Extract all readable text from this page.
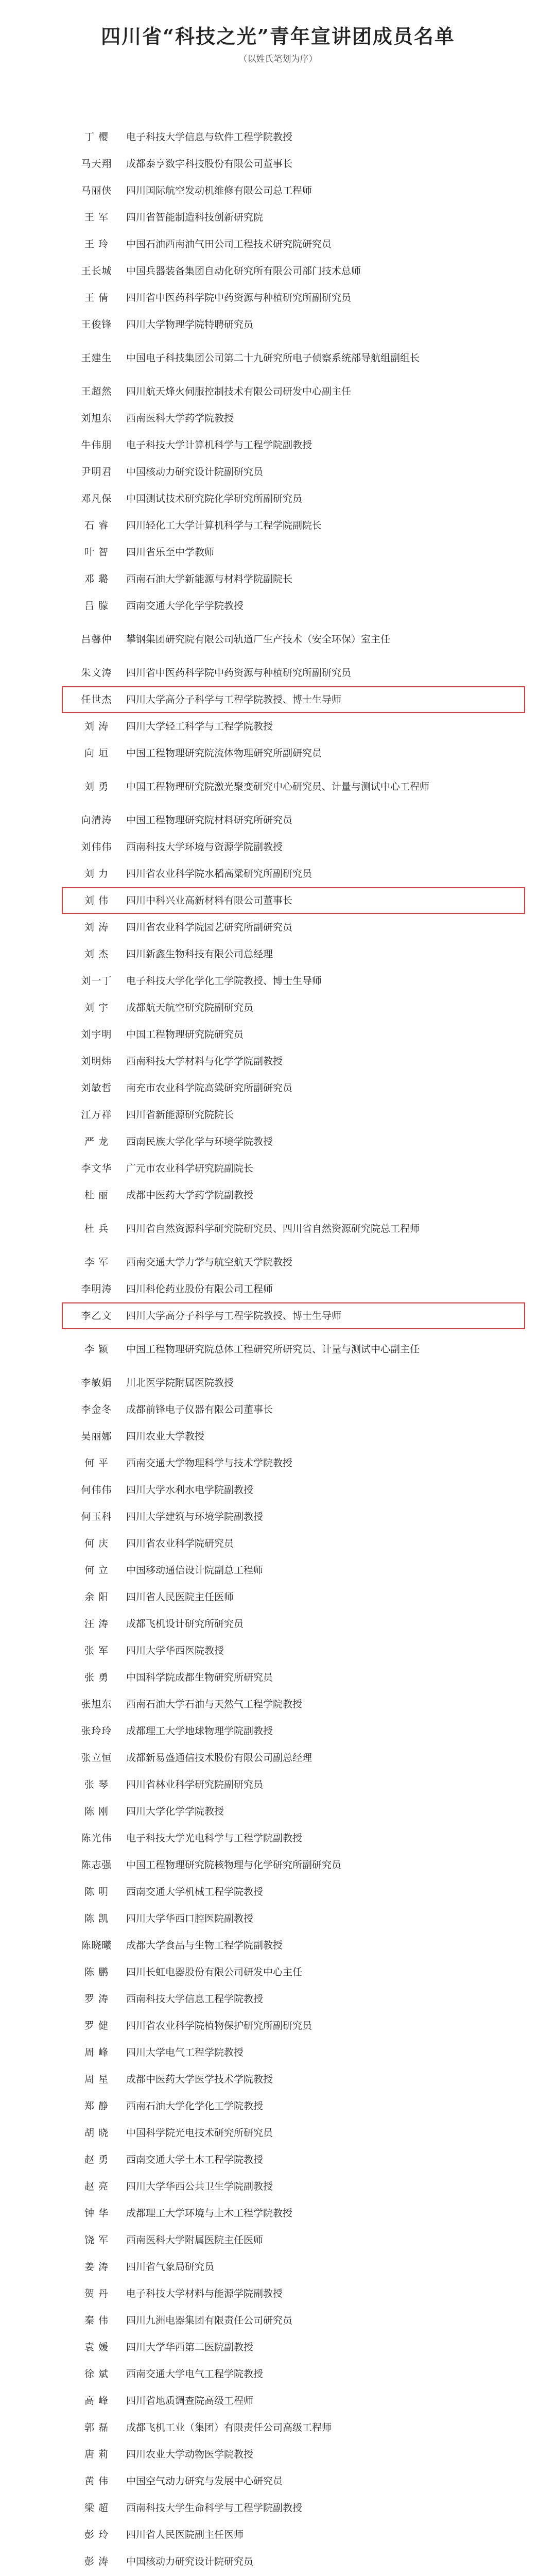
四川省“科技之光”青年宣讲团成员名单
（以姓氏笔划为序）
丁 樱	电子科技大学信息与软件工程学院教授
马天翔	成都泰亨数字科技股份有限公司董事长
马丽侠	四川国际航空发动机维修有限公司总工程师
王 军	四川省智能制造科技创新研究院
王 玲	中国石油西南油气田公司工程技术研究院研究员
王长城	中国兵器装备集团自动化研究所有限公司部门技术总师
王 倩	四川省中医药科学院中药资源与种植研究所副研究员
王俊锋	四川大学物理学院特聘研究员
王建生	中国电子科技集团公司第二十九研究所电子侦察系统部导航组副组长
王超然	四川航天烽火伺服控制技术有限公司研发中心副主任
刘旭东	西南医科大学药学院教授
牛伟朋	电子科技大学计算机科学与工程学院副教授
尹明君	中国核动力研究设计院副研究员
邓凡保	中国测试技术研究院化学研究所副研究员
石 睿	四川轻化工大学计算机科学与工程学院副院长
叶 智	四川省乐至中学教师
邓 璐	西南石油大学新能源与材料学院副院长
吕 朦	西南交通大学化学学院教授
吕馨仲	攀钢集团研究院有限公司轨道厂生产技术（安全环保）室主任
朱文涛	四川省中医药科学院中药资源与种植研究所副研究员
任世杰	四川大学高分子科学与工程学院教授、博士生导师
刘 涛	四川大学轻工科学与工程学院教授
向 垣	中国工程物理研究院流体物理研究所副研究员
刘 勇	中国工程物理研究院激光聚变研究中心研究员、计量与测试中心工程师
向清涛	中国工程物理研究院材料研究所研究员
刘伟伟	西南科技大学环境与资源学院副教授
刘 力	四川省农业科学院水稻高粱研究所副研究员
刘 伟	四川中科兴业高新材料有限公司董事长
刘 涛	四川省农业科学院园艺研究所副研究员
刘 杰	四川新鑫生物科技有限公司总经理
刘一丁	电子科技大学化学化工学院教授、博士生导师
刘 宇	成都航天航空研究院副研究员
刘宇明	中国工程物理研究院研究员
刘明炜	西南科技大学材料与化学学院副教授
刘敏哲	南充市农业科学院高粱研究所副研究员
江万祥	四川省新能源研究院院长
严 龙	西南民族大学化学与环境学院教授
李文华	广元市农业科学研究院副院长
杜 丽	成都中医药大学药学院副教授
杜 兵	四川省自然资源科学研究院研究员、四川省自然资源研究院总工程师
李 军	西南交通大学力学与航空航天学院教授
李明涛	四川科伦药业股份有限公司工程师
李乙文	四川大学高分子科学与工程学院教授、博士生导师
李 颖	中国工程物理研究院总体工程研究所研究员、计量与测试中心副主任
李敏娟	川北医学院附属医院教授
李金冬	成都前锋电子仪器有限公司董事长
吴丽娜	四川农业大学教授
何 平	西南交通大学物理科学与技术学院教授
何伟伟	四川大学水利水电学院副教授
何玉科	四川大学建筑与环境学院副教授
何 庆	四川省农业科学院研究员
何 立	中国移动通信设计院副总工程师
余 阳	四川省人民医院主任医师
汪 涛	成都飞机设计研究所研究员
张 军	四川大学华西医院教授
张 勇	中国科学院成都生物研究所研究员
张旭东	西南石油大学石油与天然气工程学院教授
张玲玲	成都理工大学地球物理学院副教授
张立恒	成都新易盛通信技术股份有限公司副总经理
张 琴	四川省林业科学研究院副研究员
陈 刚	四川大学化学学院教授
陈光伟	电子科技大学光电科学与工程学院副教授
陈志强	中国工程物理研究院核物理与化学研究所副研究员
陈 明	西南交通大学机械工程学院教授
陈 凯	四川大学华西口腔医院副教授
陈晓曦	成都大学食品与生物工程学院副教授
陈 鹏	四川长虹电器股份有限公司研发中心主任
罗 涛	西南科技大学信息工程学院教授
罗 健	四川省农业科学院植物保护研究所副研究员
周 峰	四川大学电气工程学院教授
周 星	成都中医药大学医学技术学院教授
郑 静	西南石油大学化学化工学院教授
胡 晓	中国科学院光电技术研究所研究员
赵 勇	西南交通大学土木工程学院教授
赵 亮	四川大学华西公共卫生学院副教授
钟 华	成都理工大学环境与土木工程学院教授
饶 军	西南医科大学附属医院主任医师
姜 涛	四川省气象局研究员
贺 丹	电子科技大学材料与能源学院副教授
秦 伟	四川九洲电器集团有限责任公司研究员
袁 媛	四川大学华西第二医院副教授
徐 斌	西南交通大学电气工程学院教授
高 峰	四川省地质调查院高级工程师
郭 磊	成都飞机工业（集团）有限责任公司高级工程师
唐 莉	四川农业大学动物医学院教授
黄 伟	中国空气动力研究与发展中心研究员
梁 超	西南科技大学生命科学与工程学院副教授
彭 玲	四川省人民医院副主任医师
彭 涛	中国核动力研究设计院研究员
